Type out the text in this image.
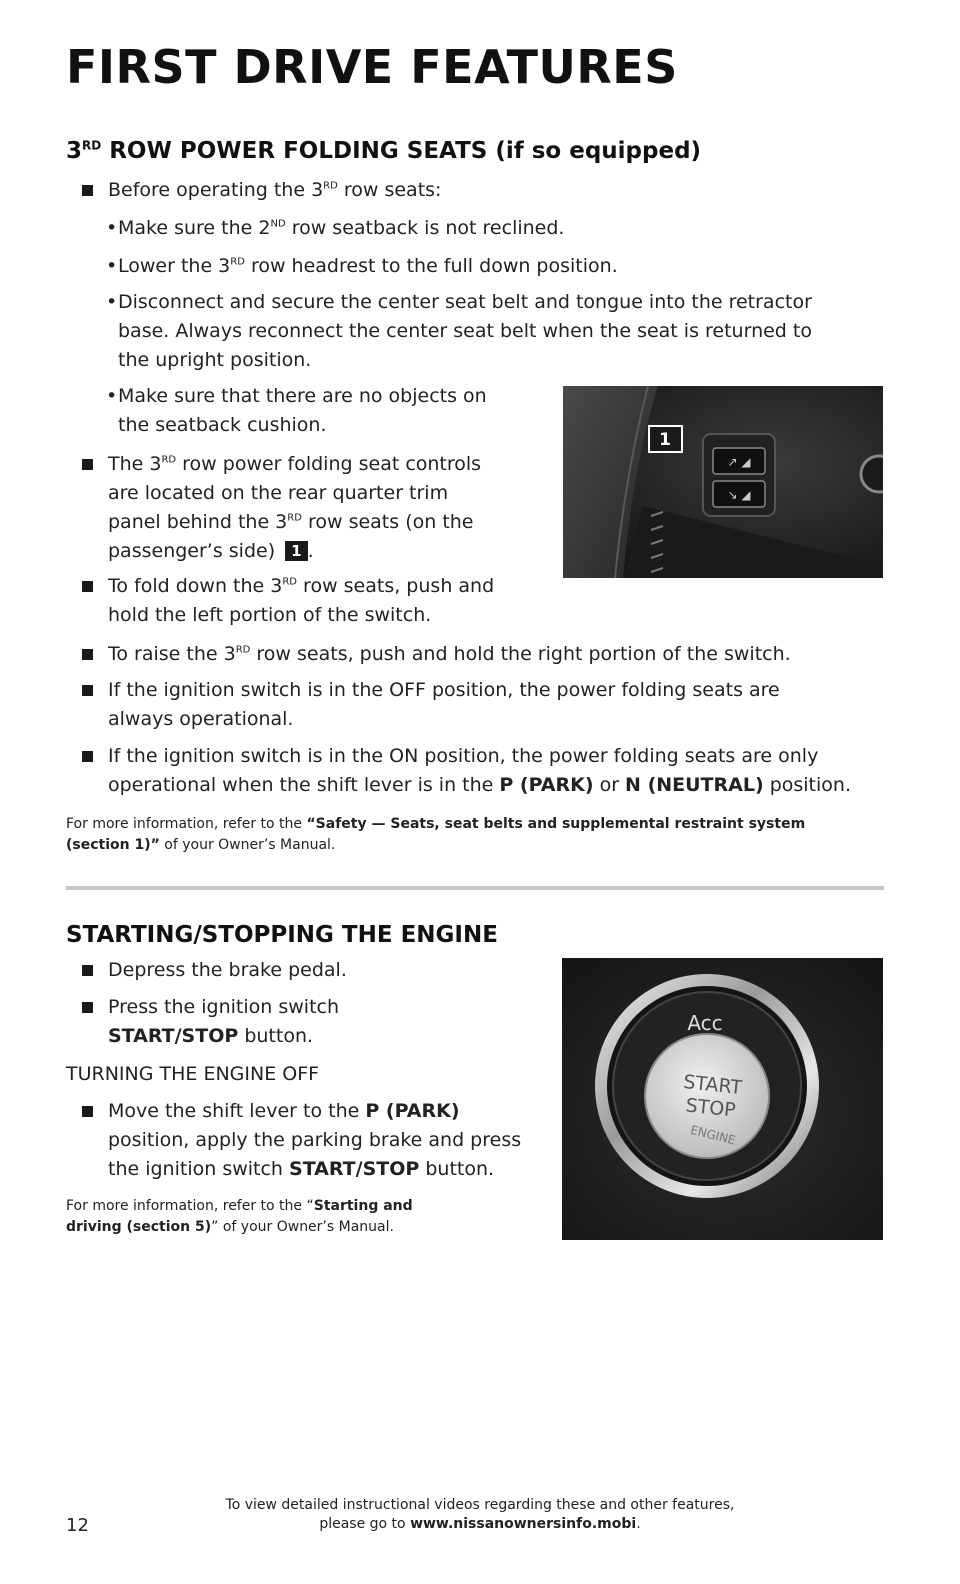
FIRST DRIVE FEATURES
3RD ROW POWER FOLDING SEATS (if so equipped)
Before operating the 3RD row seats:
• Make sure the 2ND row seatback is not reclined.
• Lower the 3RD row headrest to the full down position.
• Disconnect and secure the center seat belt and tongue into the retractor
base. Always reconnect the center seat belt when the seat is returned to
the upright position.
• Make sure that there are no objects on
the seatback cushion.
The 3RD row power folding seat controls
are located on the rear quarter trim
panel behind the 3RD row seats (on the
passenger’s side) 1 .
To fold down the 3RD row seats, push and
hold the left portion of the switch.
To raise the 3RD row seats, push and hold the right portion of the switch.
If the ignition switch is in the OFF position, the power folding seats are
always operational.
If the ignition switch is in the ON position, the power folding seats are only
operational when the shift lever is in the P (PARK) or N (NEUTRAL) position.
For more information, refer to the “Safety — Seats, seat belts and supplemental restraint system
(section 1)” of your Owner’s Manual.
↗ ◢
↘ ◢
1
STARTING/STOPPING THE ENGINE
Depress the brake pedal.
Press the ignition switch
START/STOP button.
TURNING THE ENGINE OFF
Move the shift lever to the P (PARK)
position, apply the parking brake and press
the ignition switch START/STOP button.
For more information, refer to the “Starting and
driving (section 5)” of your Owner’s Manual.
Acc
START
STOP
ENGINE
12
To view detailed instructional videos regarding these and other features,
please go to www.nissanownersinfo.mobi.
